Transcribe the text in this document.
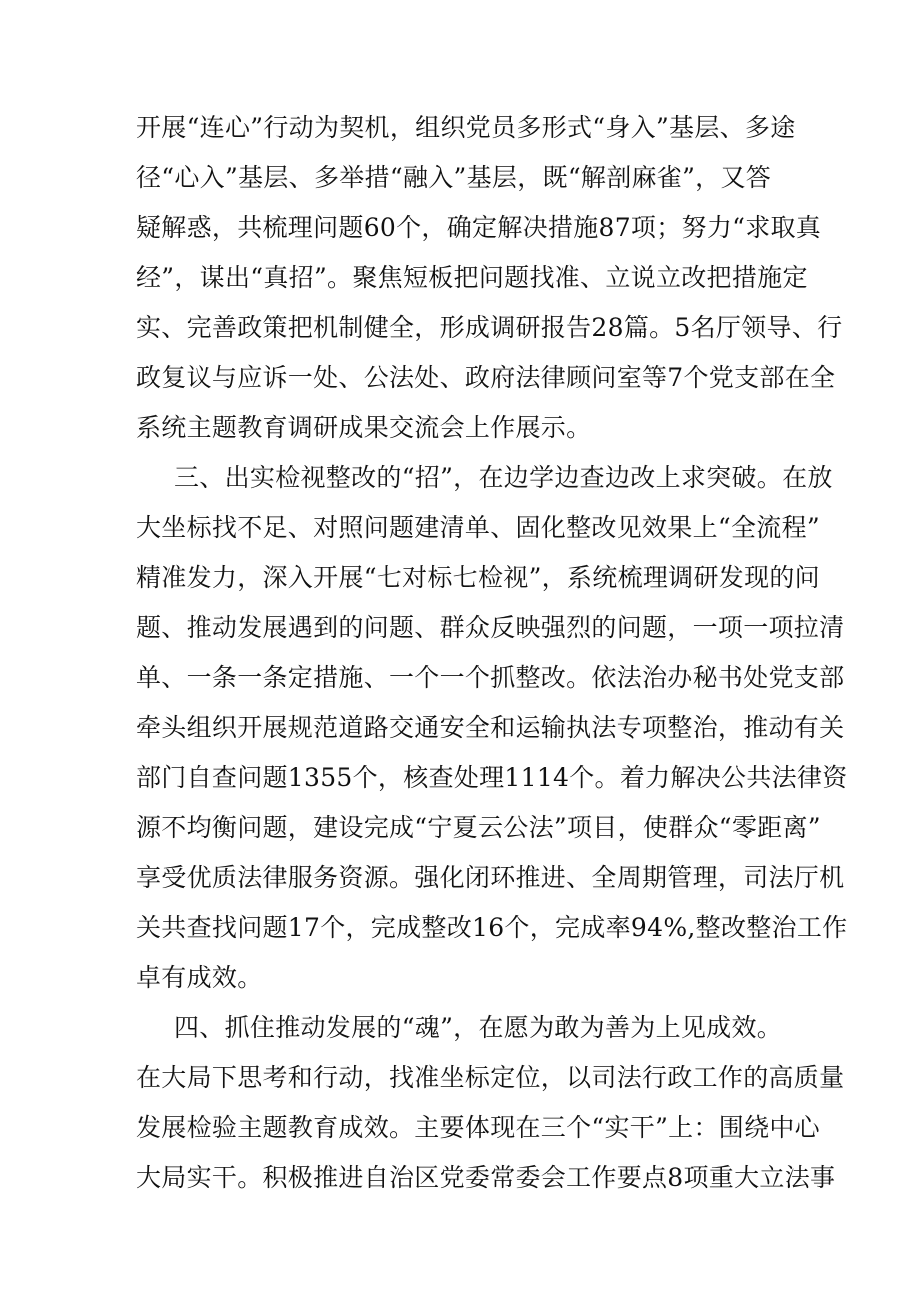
开展“连心”行动为契机，组织党员多形式“身入”基层、多途
径“心入”基层、多举措“融入”基层，既“解剖麻雀”，又答
疑解惑，共梳理问题60个，确定解决措施87项；努力“求取真
经”，谋出“真招”。聚焦短板把问题找准、立说立改把措施定
实、完善政策把机制健全，形成调研报告28篇。5名厅领导、行
政复议与应诉一处、公法处、政府法律顾问室等7个党支部在全
系统主题教育调研成果交流会上作展示。
三、出实检视整改的“招”，在边学边查边改上求突破。在放
大坐标找不足、对照问题建清单、固化整改见效果上“全流程”
精准发力，深入开展“七对标七检视”，系统梳理调研发现的问
题、推动发展遇到的问题、群众反映强烈的问题，一项一项拉清
单、一条一条定措施、一个一个抓整改。依法治办秘书处党支部
牵头组织开展规范道路交通安全和运输执法专项整治，推动有关
部门自查问题1355个，核查处理1114个。着力解决公共法律资
源不均衡问题，建设完成“宁夏云公法”项目，使群众“零距离”
享受优质法律服务资源。强化闭环推进、全周期管理，司法厅机
关共查找问题17个，完成整改16个，完成率94%,整改整治工作
卓有成效。
四、抓住推动发展的“魂”，在愿为敢为善为上见成效。
在大局下思考和行动，找准坐标定位，以司法行政工作的高质量
发展检验主题教育成效。主要体现在三个“实干”上：围绕中心
大局实干。积极推进自治区党委常委会工作要点8项重大立法事
